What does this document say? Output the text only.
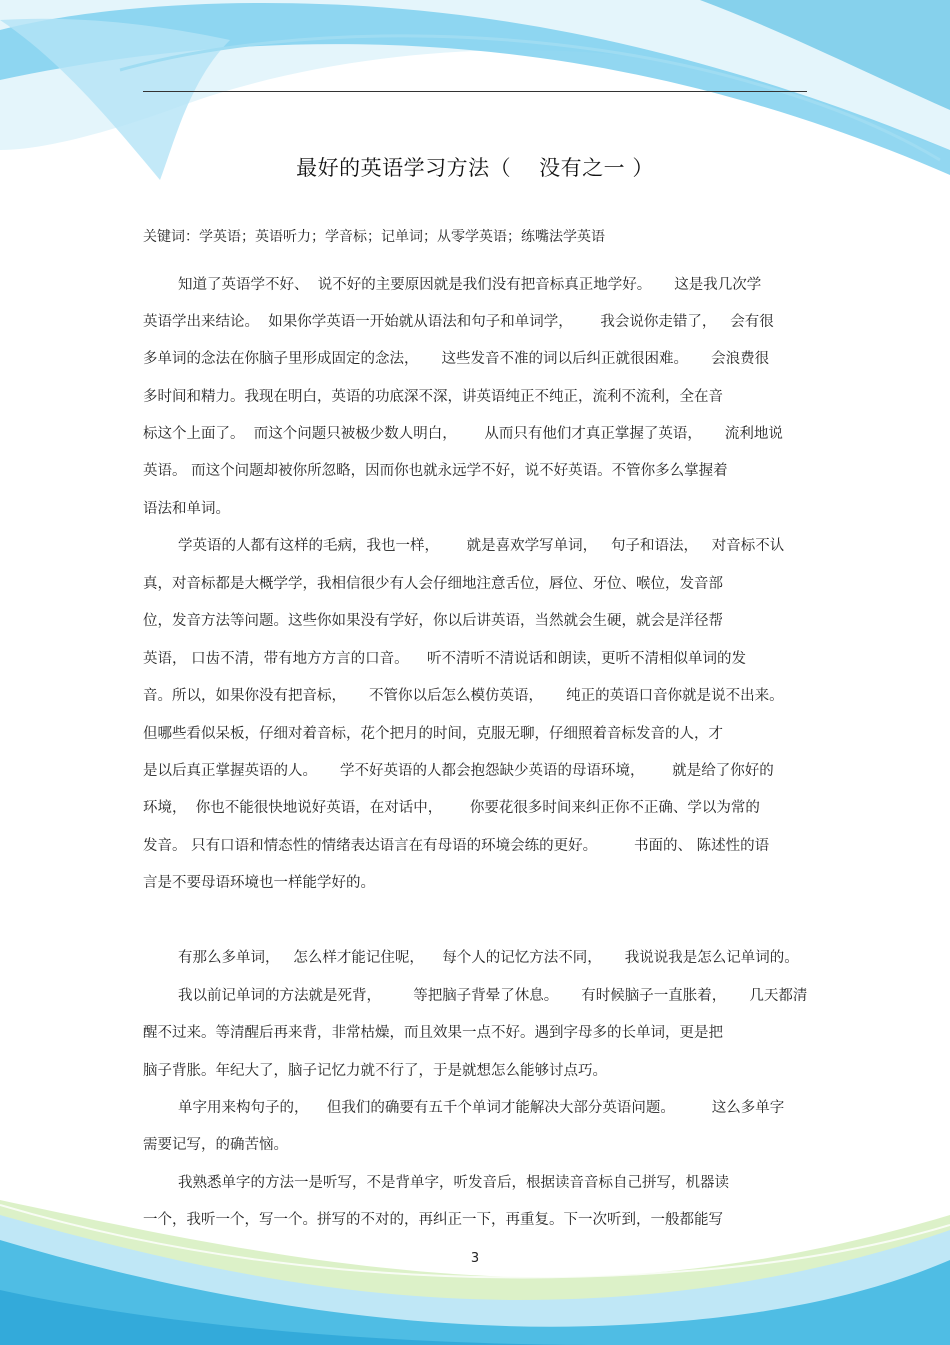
最好的英语学习方法（ 没有之一 ）
关键词：学英语；英语听力；学音标；记单词；从零学英语；练嘴法学英语
知道了英语学不好、  说不好的主要原因就是我们没有把音标真正地学好。     这是我几次学
英语学出来结论。  如果你学英语一开始就从语法和句子和单词学，      我会说你走错了，   会有很
多单词的念法在你脑子里形成固定的念法，     这些发音不准的词以后纠正就很困难。     会浪费很
多时间和精力。我现在明白，英语的功底深不深，讲英语纯正不纯正，流利不流利，全在音
标这个上面了。  而这个问题只被极少数人明白，      从而只有他们才真正掌握了英语，     流利地说
英语。 而这个问题却被你所忽略，因而你也就永远学不好，说不好英语。不管你多么掌握着
语法和单词。
学英语的人都有这样的毛病，我也一样，      就是喜欢学写单词，   句子和语法，   对音标不认
真，对音标都是大概学学，我相信很少有人会仔细地注意舌位，唇位、牙位、喉位，发音部
位，发音方法等问题。这些你如果没有学好，你以后讲英语，当然就会生硬，就会是洋径帮
英语， 口齿不清，带有地方方言的口音。    听不清听不清说话和朗读，更听不清相似单词的发
音。所以，如果你没有把音标，     不管你以后怎么模仿英语，     纯正的英语口音你就是说不出来。
但哪些看似呆板，仔细对着音标，花个把月的时间，克服无聊，仔细照着音标发音的人，才
是以后真正掌握英语的人。     学不好英语的人都会抱怨缺少英语的母语环境，      就是给了你好的
环境，  你也不能很快地说好英语，在对话中，      你要花很多时间来纠正你不正确、学以为常的
发音。 只有口语和情态性的情绪表达语言在有母语的环境会练的更好。        书面的、 陈述性的语
言是不要母语环境也一样能学好的。
有那么多单词，   怎么样才能记住呢，    每个人的记忆方法不同，     我说说我是怎么记单词的。
我以前记单词的方法就是死背，       等把脑子背晕了休息。     有时候脑子一直胀着，     几天都清
醒不过来。等清醒后再来背，非常枯燥，而且效果一点不好。遇到字母多的长单词，更是把
脑子背胀。年纪大了，脑子记忆力就不行了，于是就想怎么能够讨点巧。
单字用来构句子的，    但我们的确要有五千个单词才能解决大部分英语问题。        这么多单字
需要记写，的确苦恼。
我熟悉单字的方法一是听写，不是背单字，听发音后，根据读音音标自己拼写，机器读
一个，我听一个，写一个。拼写的不对的，再纠正一下，再重复。下一次听到，一般都能写
3
